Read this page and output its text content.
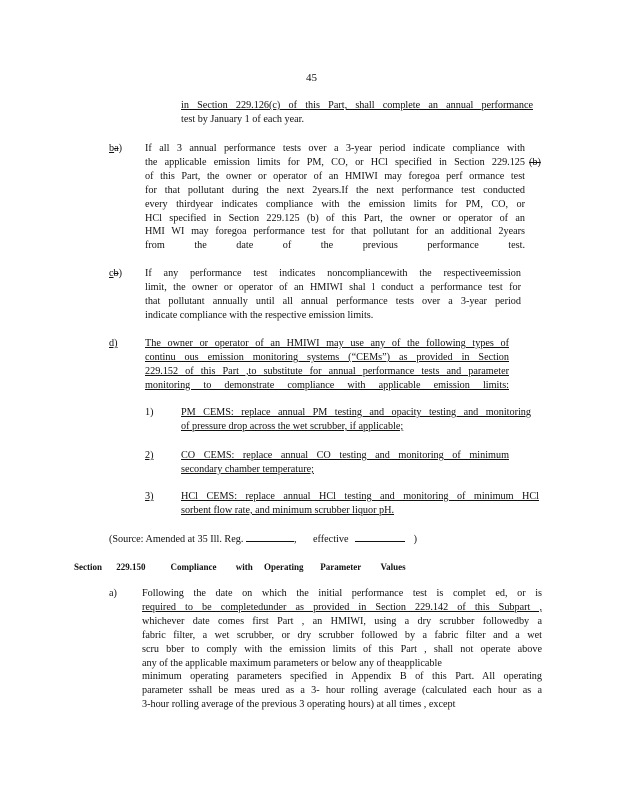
45
in Section 229.126(c) of this Part, shall complete an annual performance
test by January 1 of each year.
ba) If all 3 annual performance tests over a 3-year period indicate compliance with
the applicable emission limits for PM, CO, or HCl specified in Section 229.125
of this Part, the owner or operator of an HMIWI may foregoa perf ormance test
for that pollutant during the next 2years.If the next performance test conducted
every thirdyear indicates compliance with the emission limits for PM, CO, or
HCl specified in Section 229.125 (b) of this Part, the owner or operator of an
HMI WI may foregoa performance test for that pollutant for an additional 2years
from the date of the previous performance test.
(b)
cb) If any performance test indicates noncompliancewith the respectiveemission
limit, the owner or operator of an HMIWI shal l conduct a performance test for
that pollutant annually until all annual performance tests over a 3-year period
indicate compliance with the respective emission limits.
d)	The owner or operator of an HMIWI may use any of the following types of
continu ous emission monitoring systems (“CEMs”) as provided in Section
229.152 of this Part ,to substitute for annual performance tests and parameter
monitoring to demonstrate compliance with applicable emission limits:
1)	PM CEMS: replace annual PM testing and opacity testing and monitoring
of pressure drop across the wet scrubber, if applicable;
2)	CO CEMS: replace annual CO testing and monitoring of minimum
secondary chamber temperature;
3)	HCl CEMS: replace annual HCl testing and monitoring of minimum HCl
sorbent flow rate, and minimum scrubber liquor pH.
(Source: Amended at 35 Ill. Reg.	, effective	)
Section 229.150	Compliance with Operating Parameter Values
a) Following the date on which the initial performance test is complet ed, or is
required to be completedunder as provided in Section 229.142 of this Subpart ,
whichever date comes first Part , an HMIWI, using a dry scrubber followedby a
fabric filter, a wet scrubber, or dry scrubber followed by a fabric filter and a wet
scru bber to comply with the emission limits of this Part , shall not operate above
any of the applicable maximum parameters or below any of theapplicable
minimum operating parameters specified in Appendix B of this Part. All operating
parameter sshall be meas ured as a 3- hour rolling average (calculated each hour as a
3-hour rolling average of the previous 3 operating hours) at all times , except
